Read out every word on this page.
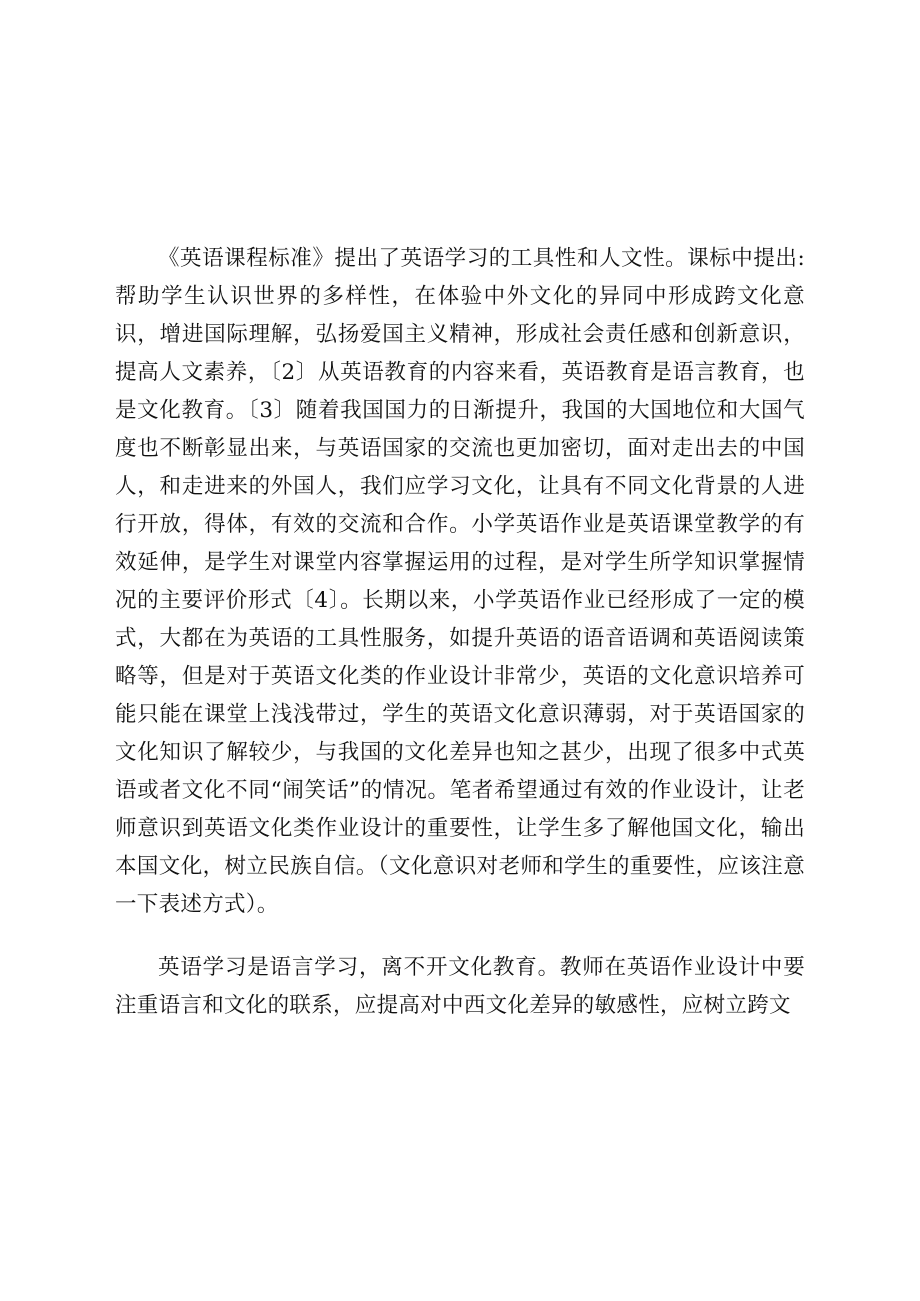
《英语课程标准》提出了英语学习的工具性和人文性。课标中提出:帮助学生认识世界的多样性，在体验中外文化的异同中形成跨文化意识，增进国际理解，弘扬爱国主义精神，形成社会责任感和创新意识，提高人文素养，〔2〕从英语教育的内容来看，英语教育是语言教育，也是文化教育。〔3〕随着我国国力的日渐提升，我国的大国地位和大国气度也不断彰显出来，与英语国家的交流也更加密切，面对走出去的中国人，和走进来的外国人，我们应学习文化，让具有不同文化背景的人进行开放，得体，有效的交流和合作。小学英语作业是英语课堂教学的有效延伸，是学生对课堂内容掌握运用的过程，是对学生所学知识掌握情况的主要评价形式〔4〕。长期以来，小学英语作业已经形成了一定的模式，大都在为英语的工具性服务，如提升英语的语音语调和英语阅读策略等，但是对于英语文化类的作业设计非常少，英语的文化意识培养可能只能在课堂上浅浅带过，学生的英语文化意识薄弱，对于英语国家的文化知识了解较少，与我国的文化差异也知之甚少，出现了很多中式英语或者文化不同“闹笑话”的情况。笔者希望通过有效的作业设计，让老师意识到英语文化类作业设计的重要性，让学生多了解他国文化，输出本国文化，树立民族自信。（文化意识对老师和学生的重要性，应该注意一下表述方式）。

英语学习是语言学习，离不开文化教育。教师在英语作业设计中要注重语言和文化的联系，应提高对中西文化差异的敏感性，应树立跨文
